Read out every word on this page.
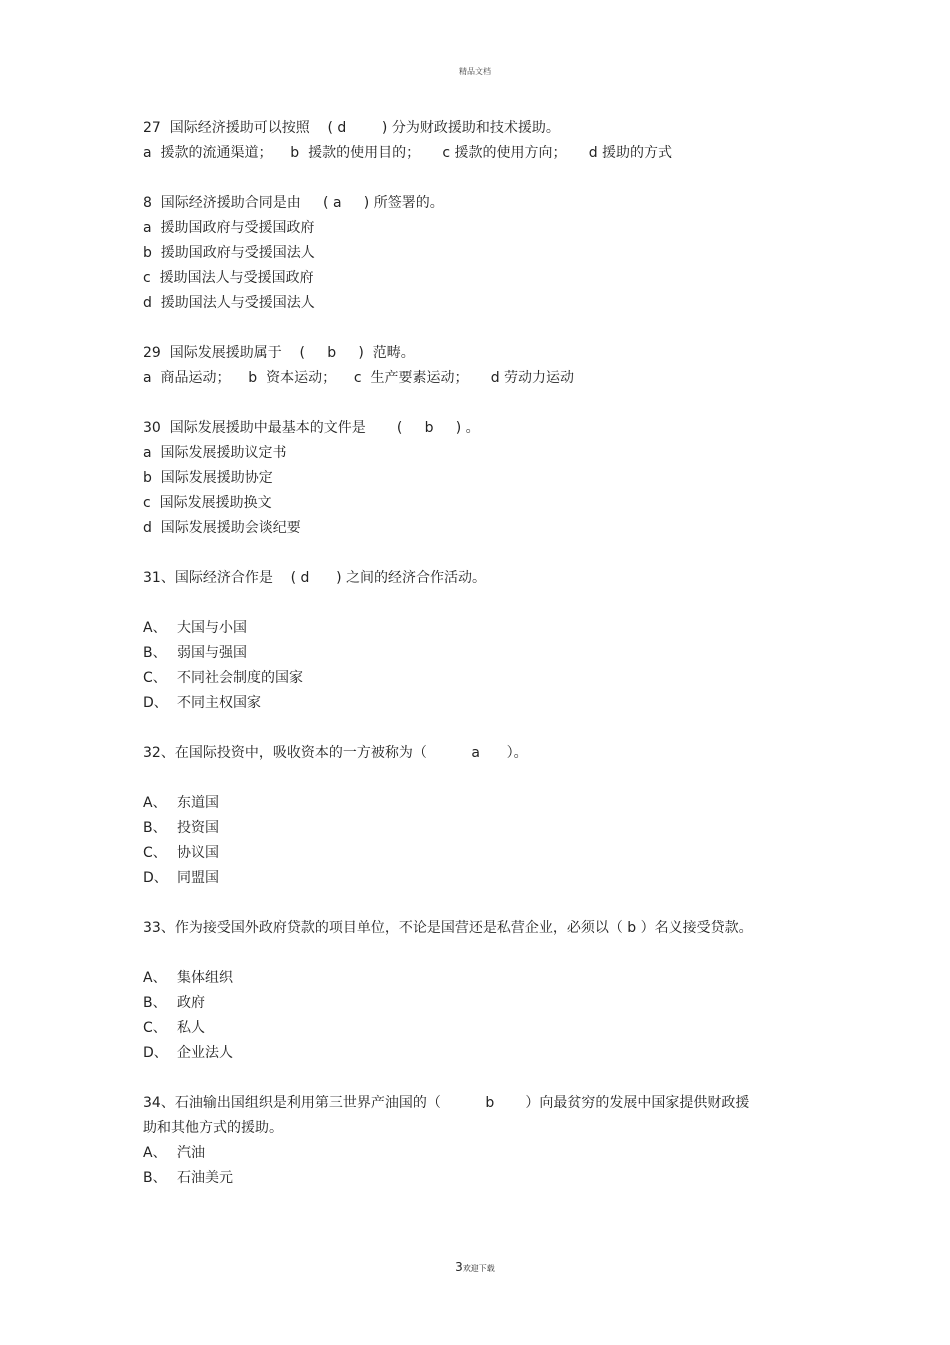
精品文档
27  国际经济援助可以按照    ( d        ) 分为财政援助和技术援助。
a  援款的流通渠道；    b  援款的使用目的；     c 援款的使用方向；     d 援助的方式
8  国际经济援助合同是由     ( a     ) 所签署的。
a  援助国政府与受援国政府
b  援助国政府与受援国法人
c  援助国法人与受援国政府
d  援助国法人与受援国法人
29  国际发展援助属于    (     b     )  范畴。
a  商品运动；    b  资本运动；    c  生产要素运动；     d 劳动力运动
30  国际发展援助中最基本的文件是       (     b     ) 。
a  国际发展援助议定书
b  国际发展援助协定
c  国际发展援助换文
d  国际发展援助会谈纪要
31、国际经济合作是    ( d      ) 之间的经济合作活动。
A、 大国与小国
B、 弱国与强国
C、 不同社会制度的国家
D、 不同主权国家
32、在国际投资中，吸收资本的一方被称为（          a      ）。
A、 东道国
B、 投资国
C、 协议国
D、 同盟国
33、作为接受国外政府贷款的项目单位，不论是国营还是私营企业，必须以（ b ）名义接受贷款。
A、 集体组织
B、 政府
C、 私人
D、 企业法人
34、石油输出国组织是利用第三世界产油国的（          b       ）向最贫穷的发展中国家提供财政援
助和其他方式的援助。
A、 汽油
B、 石油美元
3欢迎下载
